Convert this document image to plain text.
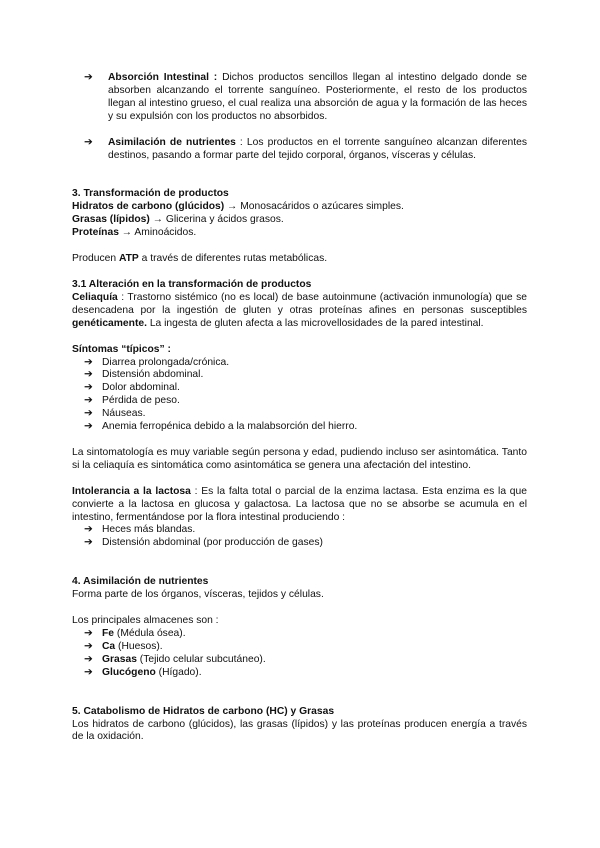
➔ Absorción Intestinal : Dichos productos sencillos llegan al intestino delgado donde se absorben alcanzando el torrente sanguíneo. Posteriormente, el resto de los productos llegan al intestino grueso, el cual realiza una absorción de agua y la formación de las heces y su expulsión con los productos no absorbidos.
➔ Asimilación de nutrientes : Los productos en el torrente sanguíneo alcanzan diferentes destinos, pasando a formar parte del tejido corporal, órganos, vísceras y células.

3. Transformación de productos

Hidratos de carbono (glúcidos) → Monosacáridos o azúcares simples.

Grasas (lípidos) → Glicerina y ácidos grasos.

Proteínas → Aminoácidos.

Producen ATP a través de diferentes rutas metabólicas.

3.1 Alteración en la transformación de productos

Celiaquía : Trastorno sistémico (no es local) de base autoinmune (activación inmunología) que se desencadena por la ingestión de gluten y otras proteínas afines en personas susceptibles genéticamente. La ingesta de gluten afecta a las microvellosidades de la pared intestinal.

Síntomas “típicos” :

➔ Diarrea prolongada/crónica.
➔ Distensión abdominal.
➔ Dolor abdominal.
➔ Pérdida de peso.
➔ Náuseas.
➔ Anemia ferropénica debido a la malabsorción del hierro.

La sintomatología es muy variable según persona y edad, pudiendo incluso ser asintomática. Tanto si la celiaquía es sintomática como asintomática se genera una afectación del intestino.

Intolerancia a la lactosa : Es la falta total o parcial de la enzima lactasa. Esta enzima es la que convierte a la lactosa en glucosa y galactosa. La lactosa que no se absorbe se acumula en el intestino, fermentándose por la flora intestinal produciendo :

➔ Heces más blandas.
➔ Distensión abdominal (por producción de gases)

4. Asimilación de nutrientes

Forma parte de los órganos, vísceras, tejidos y células.

Los principales almacenes son :

➔ Fe (Médula ósea).
➔ Ca (Huesos).
➔ Grasas (Tejido celular subcutáneo).
➔ Glucógeno (Hígado).

5. Catabolismo de Hidratos de carbono (HC) y Grasas

Los hidratos de carbono (glúcidos), las grasas (lípidos) y las proteínas producen energía a través de la oxidación.
